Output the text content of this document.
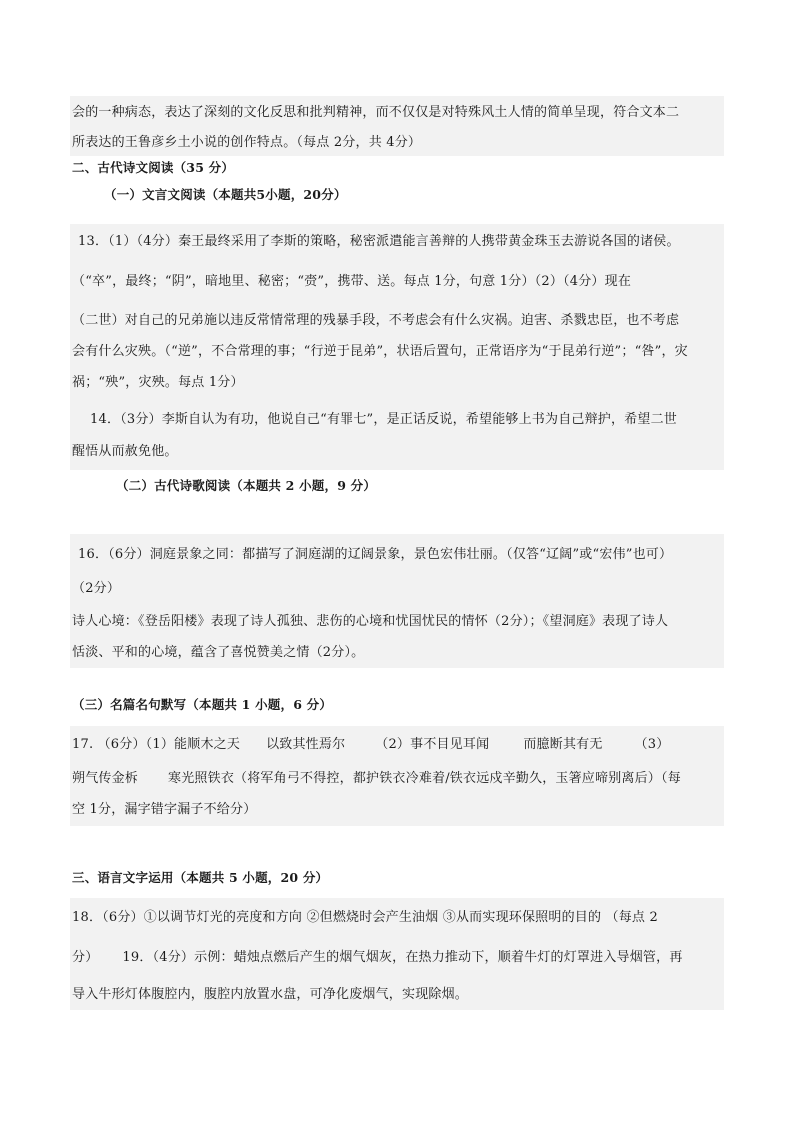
会的一种病态，表达了深刻的文化反思和批判精神，而不仅仅是对特殊风土人情的简单呈现，符合文本二
所表达的王鲁彦乡土小说的创作特点。（每点 2分，共 4分）
二、古代诗文阅读（35 分）
（一）文言文阅读（本题共5小题，20分）
13．（1）（4分）秦王最终采用了李斯的策略，秘密派遣能言善辩的人携带黄金珠玉去游说各国的诸侯。
（“卒”，最终；“阴”，暗地里、秘密；“赍”，携带、送。每点 1分，句意 1分）（2）（4分）现在
（二世）对自己的兄弟施以违反常情常理的残暴手段，不考虑会有什么灾祸。迫害、杀戮忠臣，也不考虑
会有什么灾殃。（“逆”，不合常理的事；“行逆于昆弟”，状语后置句，正常语序为“于昆弟行逆”；“咎”，灾
祸；“殃”，灾殃。每点 1分）
14．（3分）李斯自认为有功，他说自己“有罪七”，是正话反说，希望能够上书为自己辩护，希望二世
醒悟从而赦免他。
（二）古代诗歌阅读（本题共 2 小题，9 分）
16．（6分）洞庭景象之同：都描写了洞庭湖的辽阔景象，景色宏伟壮丽。（仅答“辽阔”或“宏伟”也可）
（2分）
诗人心境：《登岳阳楼》表现了诗人孤独、悲伤的心境和忧国忧民的情怀（2分）；《望洞庭》表现了诗人
恬淡、平和的心境，蕴含了喜悦赞美之情（2分）。
（三）名篇名句默写（本题共 1 小题，6 分）
17. （6分）（1）能顺木之天 以致其性焉尔 （2）事不目见耳闻	而臆断其有无 （3）
朔气传金柝 寒光照铁衣（将军角弓不得控，都护铁衣冷难着/铁衣远戍辛勤久，玉箸应啼别离后）（每
空 1分，漏字错字漏子不给分）
三、语言文字运用（本题共 5 小题，20 分）
18．（6分）①以调节灯光的亮度和方向 ②但燃烧时会产生油烟 ③从而实现环保照明的目的 （每点 2
分） 19．（4分）示例：蜡烛点燃后产生的烟气烟灰，在热力推动下，顺着牛灯的灯罩进入导烟管，再
导入牛形灯体腹腔内，腹腔内放置水盘，可净化废烟气，实现除烟。
